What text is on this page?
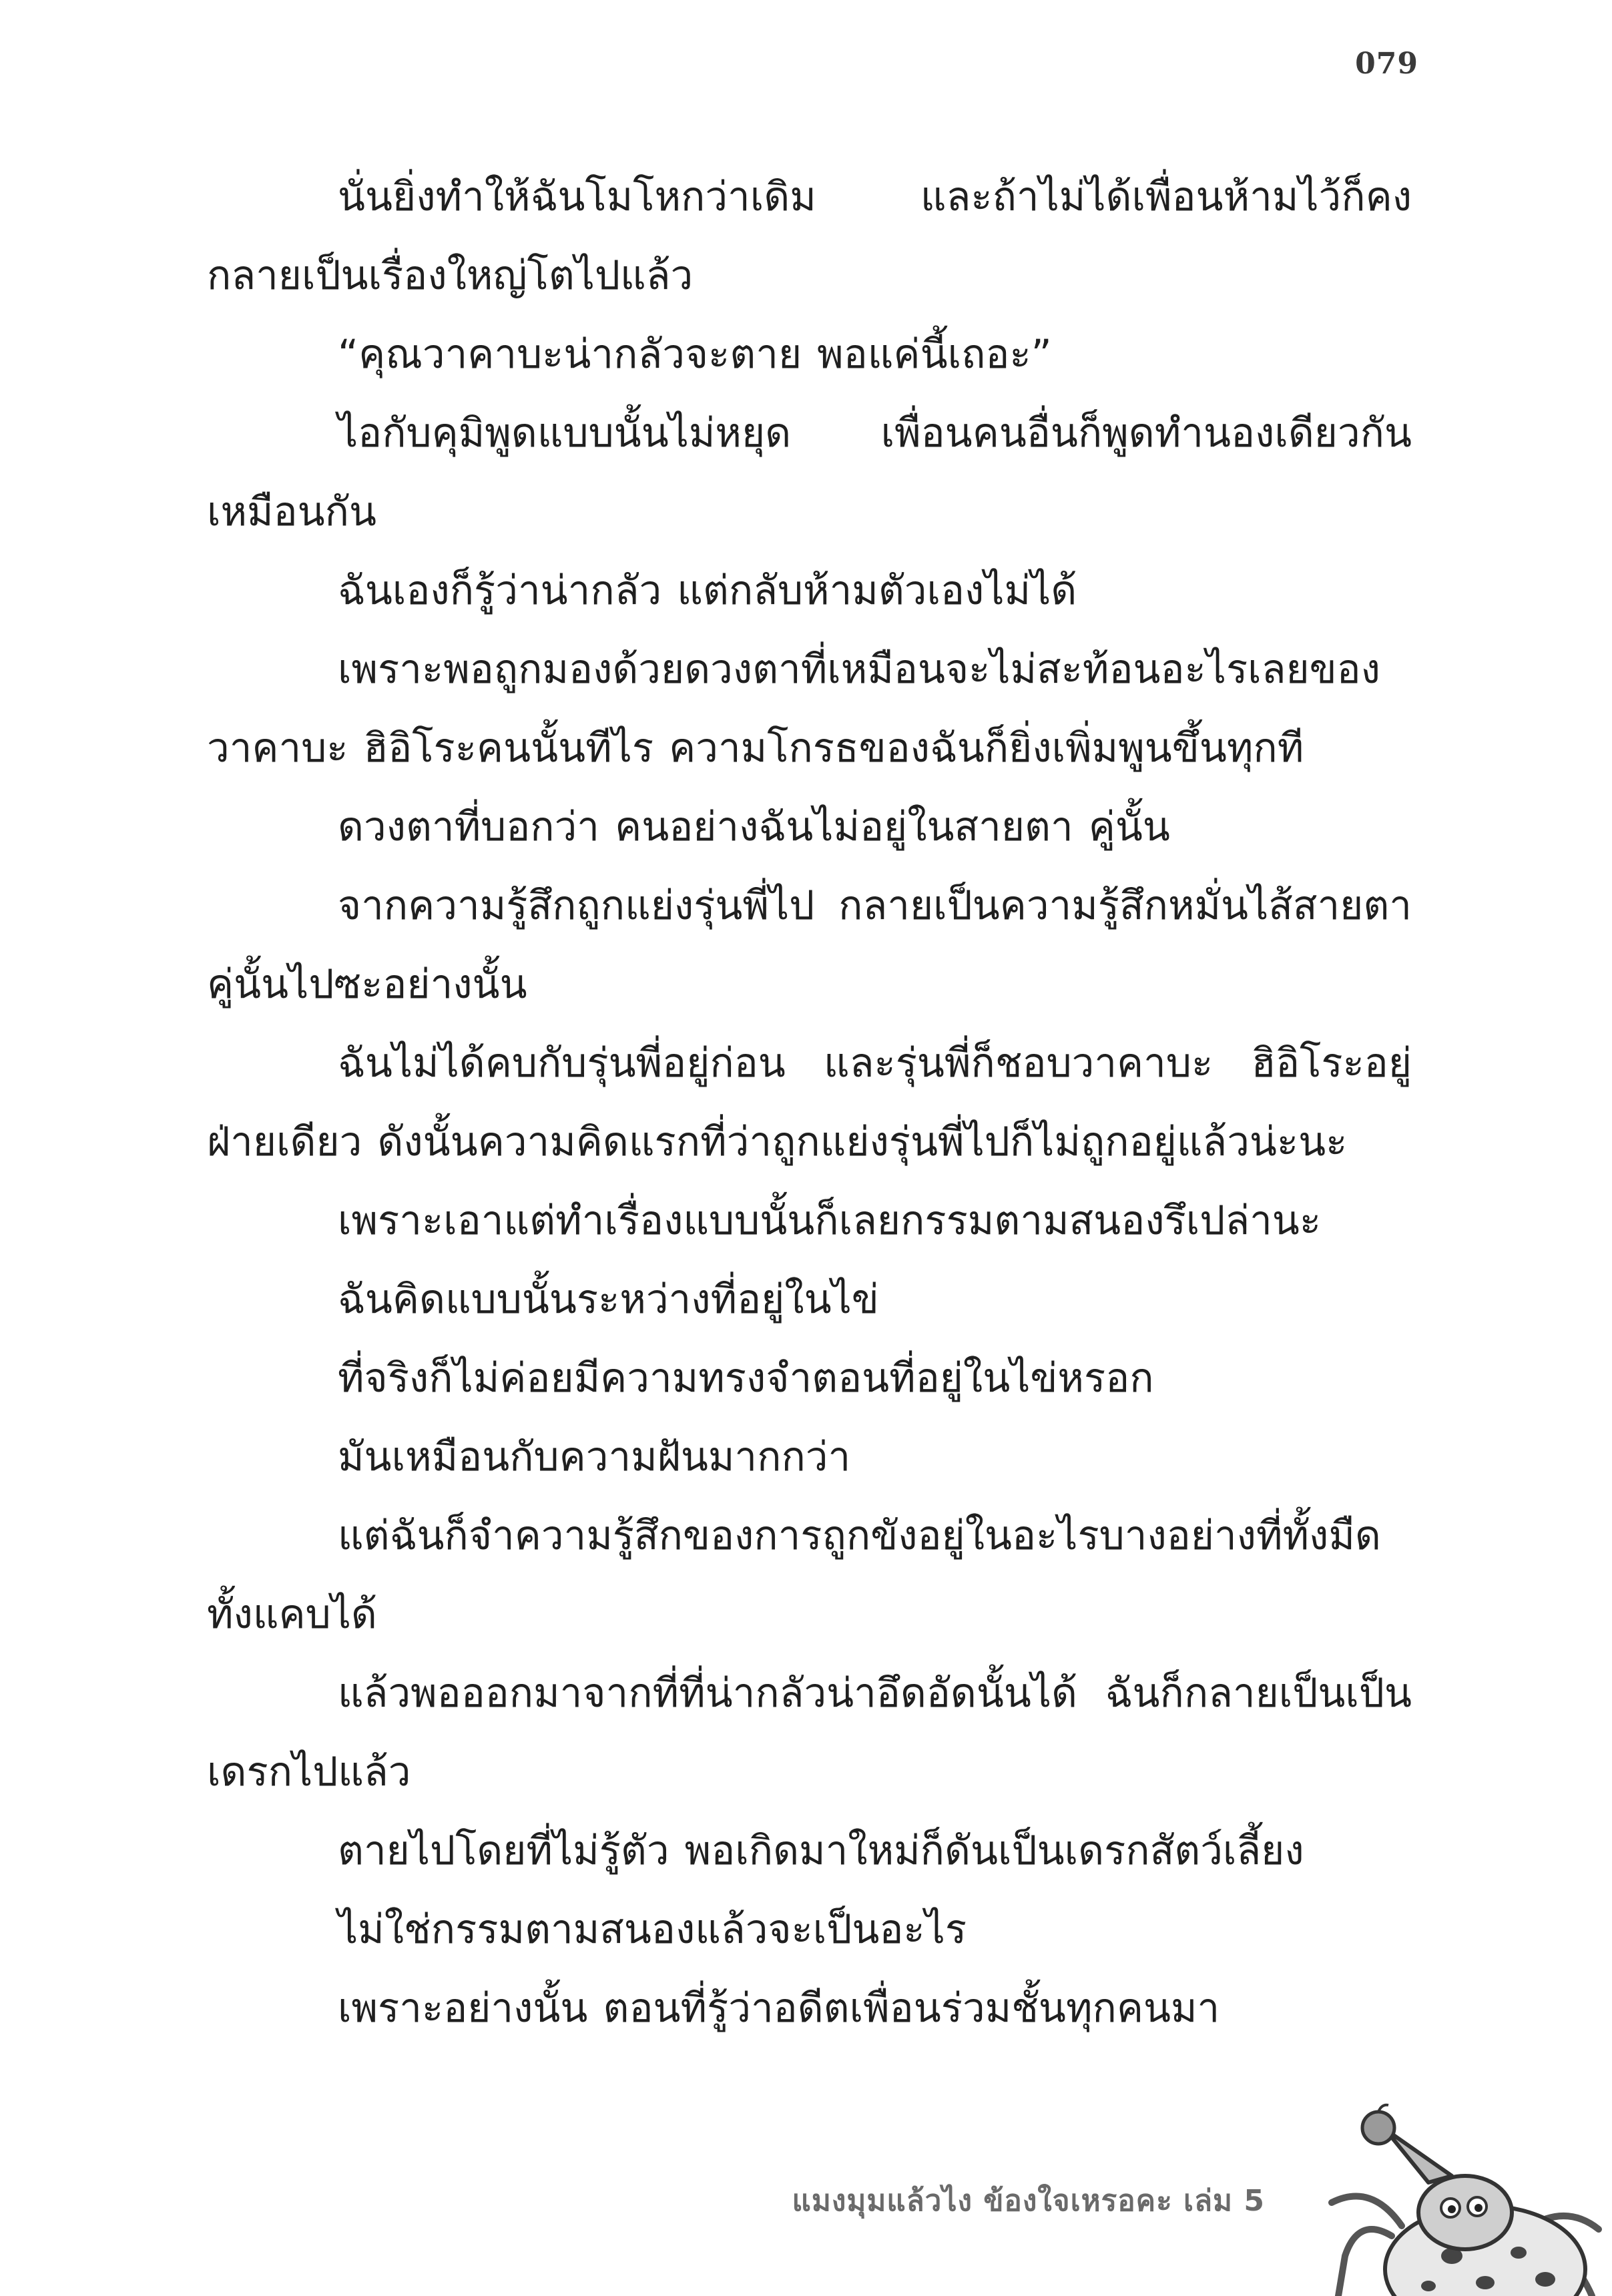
079

นั่นยิ่งทำให้ฉันโมโหกว่าเดิม และถ้าไม่ได้เพื่อนห้ามไว้ก็คงกลายเป็นเรื่องใหญ่โตไปแล้ว

“คุณวาคาบะน่ากลัวจะตาย พอแค่นี้เถอะ”

ไอกับคุมิพูดแบบนั้นไม่หยุด เพื่อนคนอื่นก็พูดทำนองเดียวกันเหมือนกัน

ฉันเองก็รู้ว่าน่ากลัว แต่กลับห้ามตัวเองไม่ได้

เพราะพอถูกมองด้วยดวงตาที่เหมือนจะไม่สะท้อนอะไรเลยของวาคาบะ ฮิอิโระคนนั้นทีไร ความโกรธของฉันก็ยิ่งเพิ่มพูนขึ้นทุกที

ดวงตาที่บอกว่า คนอย่างฉันไม่อยู่ในสายตา คู่นั้น

จากความรู้สึกถูกแย่งรุ่นพี่ไป กลายเป็นความรู้สึกหมั่นไส้สายตาคู่นั้นไปซะอย่างนั้น

ฉันไม่ได้คบกับรุ่นพี่อยู่ก่อน และรุ่นพี่ก็ชอบวาคาบะ ฮิอิโระอยู่ฝ่ายเดียว ดังนั้นความคิดแรกที่ว่าถูกแย่งรุ่นพี่ไปก็ไม่ถูกอยู่แล้วน่ะนะ

เพราะเอาแต่ทำเรื่องแบบนั้นก็เลยกรรมตามสนองรึเปล่านะ

ฉันคิดแบบนั้นระหว่างที่อยู่ในไข่

ที่จริงก็ไม่ค่อยมีความทรงจำตอนที่อยู่ในไข่หรอก

มันเหมือนกับความฝันมากกว่า

แต่ฉันก็จำความรู้สึกของการถูกขังอยู่ในอะไรบางอย่างที่ทั้งมืดทั้งแคบได้

แล้วพอออกมาจากที่ที่น่ากลัวน่าอึดอัดนั้นได้ ฉันก็กลายเป็นเป็นเดรกไปแล้ว

ตายไปโดยที่ไม่รู้ตัว พอเกิดมาใหม่ก็ดันเป็นเดรกสัตว์เลี้ยง

ไม่ใช่กรรมตามสนองแล้วจะเป็นอะไร

เพราะอย่างนั้น ตอนที่รู้ว่าอดีตเพื่อนร่วมชั้นทุกคนมา

แมงมุมแล้วไง ข้องใจเหรอคะ เล่ม 5
